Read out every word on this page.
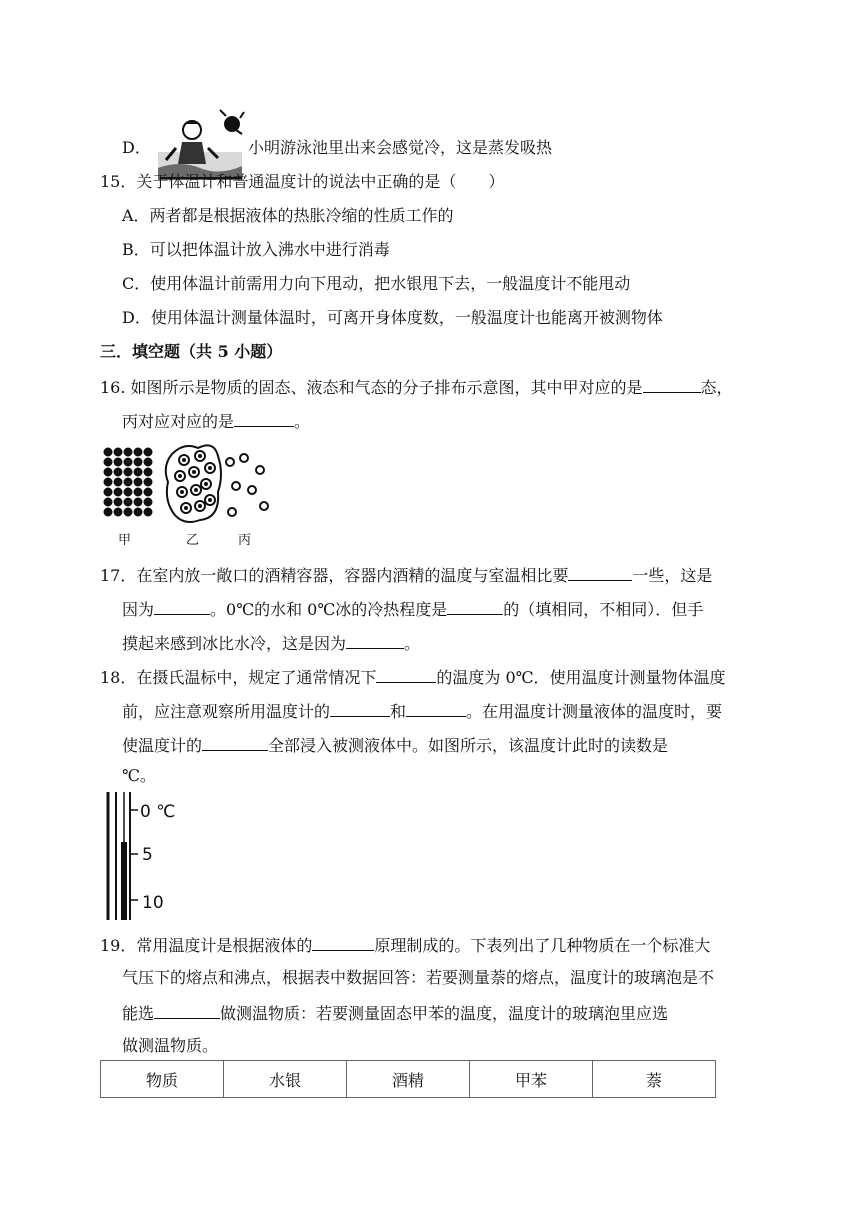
D．	小明游泳池里出来会感觉冷，这是蒸发吸热
15．关于体温计和普通温度计的说法中正确的是（　　）
A．两者都是根据液体的热胀冷缩的性质工作的
B．可以把体温计放入沸水中进行消毒
C．使用体温计前需用力向下甩动，把水银甩下去，一般温度计不能甩动
D．使用体温计测量体温时，可离开身体度数，一般温度计也能离开被测物体
三．填空题（共 5 小题）
16. 如图所示是物质的固态、液态和气态的分子排布示意图，其中甲对应的是	态，
丙对应对应的是	。
甲	乙	丙
17．在室内放一敞口的酒精容器，容器内酒精的温度与室温相比要	一些，这是
因为	。0℃的水和 0℃冰的冷热程度是	的（填相同，不相同）．但手
摸起来感到冰比水冷，这是因为	。
18．在摄氏温标中，规定了通常情况下	的温度为 0℃．使用温度计测量物体温度
前，应注意观察所用温度计的	和	。在用温度计测量液体的温度时，要
使温度计的	全部浸入被测液体中。如图所示，该温度计此时的读数是
℃。
0 ℃
5
10
19．常用温度计是根据液体的	原理制成的。下表列出了几种物质在一个标准大
气压下的熔点和沸点，根据表中数据回答：若要测量萘的熔点，温度计的玻璃泡是不
能选	做测温物质：若要测量固态甲苯的温度，温度计的玻璃泡里应选
做测温物质。
物质	水银	酒精	甲苯	萘
